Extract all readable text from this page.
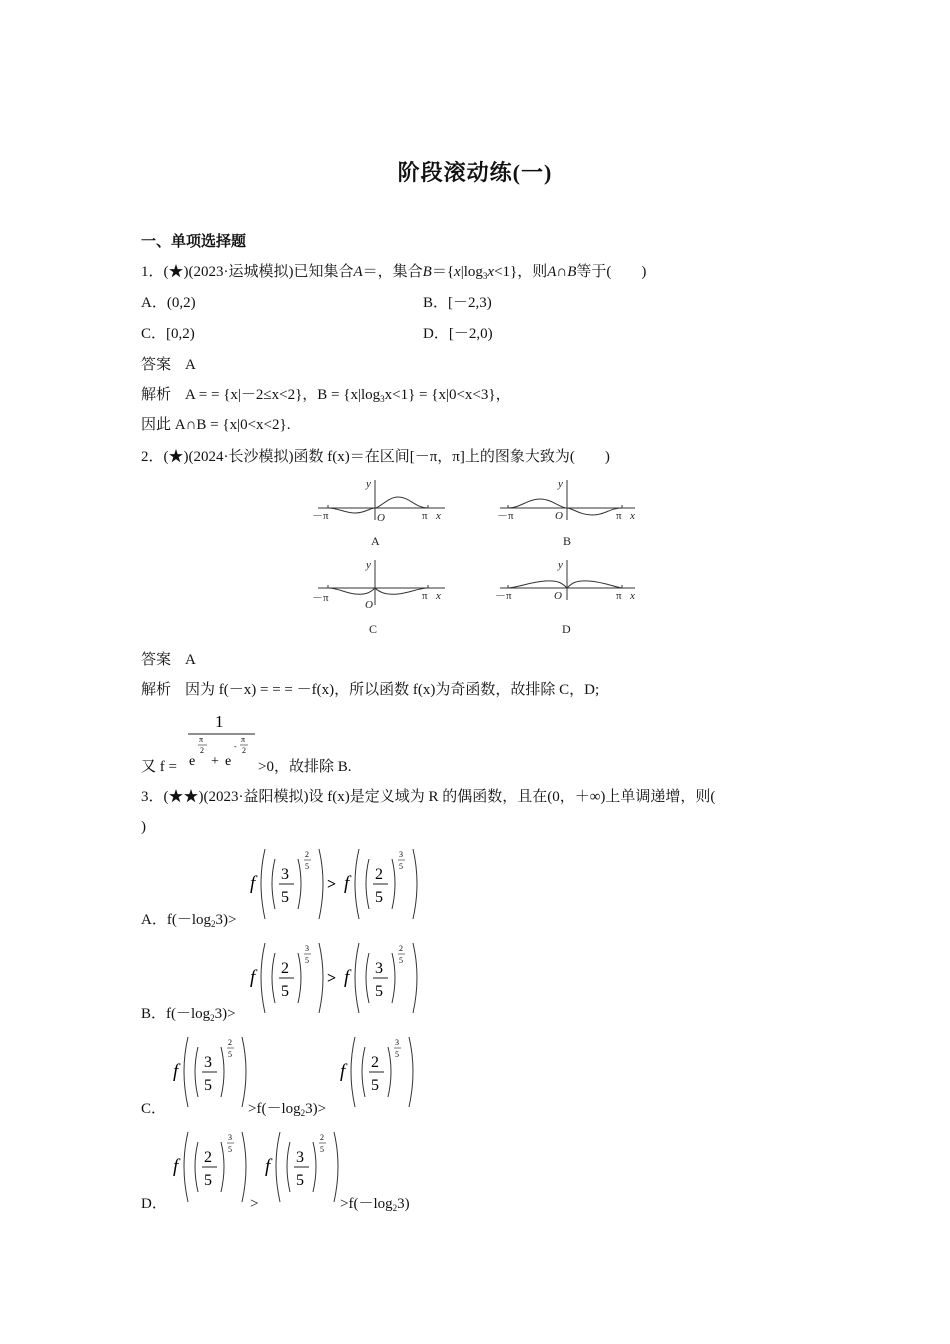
阶段滚动练(一)
一、单项选择题
1．(★)(2023·运城模拟)已知集合A＝，集合$B=\{x|\log_3x<1\}$，则A∩B等于(　　)
A．(0,2)	B．[－2,3)
C．[0,2)	D．[－2,0)
答案 A
解析 A = = {x|－2≤x<2}，$B = \{x|\log_3x<1\} = \{x|0<x<3\}$，
因此 A∩B = {x|0<x<2}.
2．(★)(2024·长沙模拟)函数 f(x)＝在区间[－π，π]上的图象大致为(　　)
－π	π x
y
O
A
－π	π x
y
O
B
－π	π x
y
O
C
－π	π x
y
O
D
答案 A
解析 因为 f(－x) = = = －f(x)，所以函数 f(x)为奇函数，故排除 C，D;
1
π
2
e + e
-
π
2
又 f =	>0，故排除 B.
3．(★★)(2023·益阳模拟)设 f(x)是定义域为 R 的偶函数，且在(0，＋∞)上单调递增，则(
)
A．$f(-\log_23)>$
f 3
5
2
5
> f 2
5
3
5
B．$f(-\log_23)>$
f 2
5
3
5
> f 3
5
2
5
C．
f 3
5
2
5
$>f(-\log_23)>$
f 2
5
3
5
D．
f 2
5
3
5
>
f 3
5
2
5
$>f(-\log_23)$
